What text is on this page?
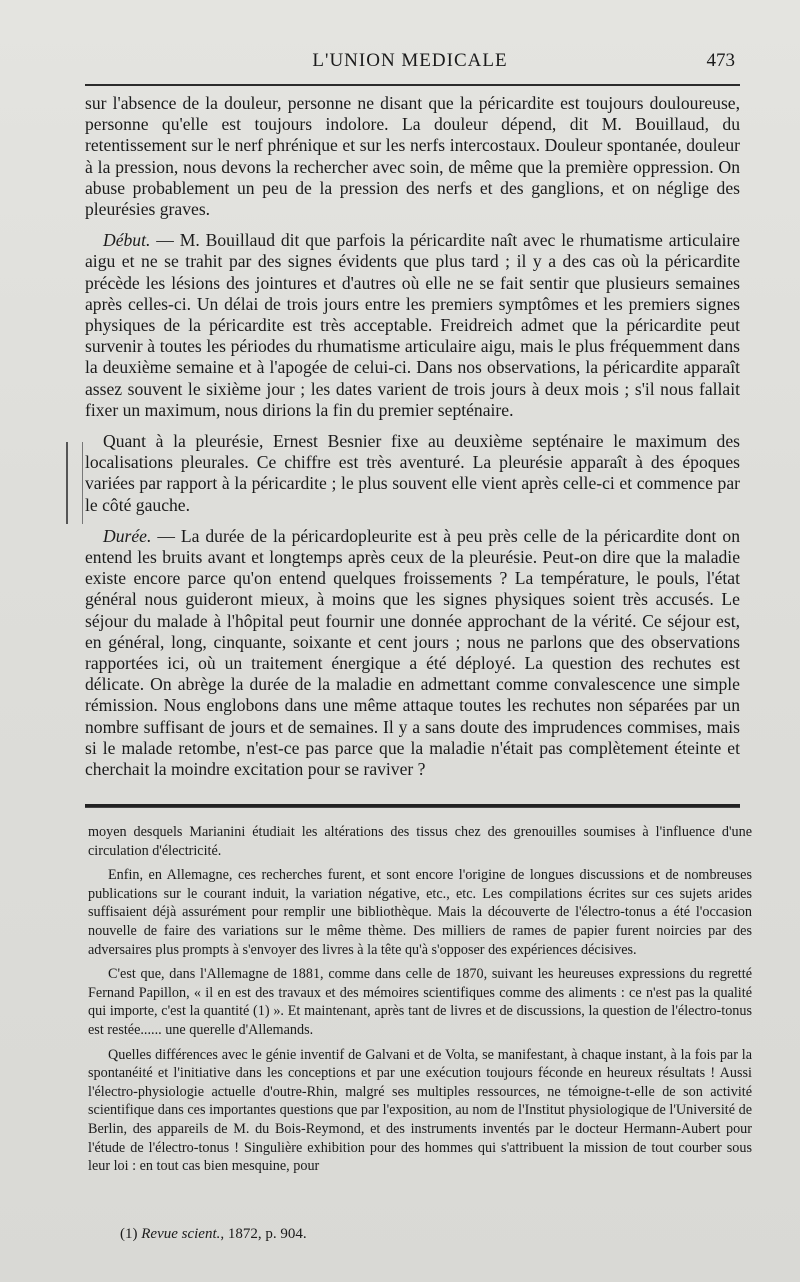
L'UNION MEDICALE	473

sur l'absence de la douleur, personne ne disant que la péricardite est toujours douloureuse, personne qu'elle est toujours indolore. La douleur dépend, dit M. Bouillaud, du retentissement sur le nerf phrénique et sur les nerfs intercostaux. Douleur spontanée, douleur à la pression, nous devons la rechercher avec soin, de même que la première oppression. On abuse probablement un peu de la pression des nerfs et des ganglions, et on néglige des pleurésies graves.

Début. — M. Bouillaud dit que parfois la péricardite naît avec le rhumatisme articulaire aigu et ne se trahit par des signes évidents que plus tard ; il y a des cas où la péricardite précède les lésions des jointures et d'autres où elle ne se fait sentir que plusieurs semaines après celles-ci. Un délai de trois jours entre les premiers symptômes et les premiers signes physiques de la péricardite est très acceptable. Freidreich admet que la péricardite peut survenir à toutes les périodes du rhumatisme articulaire aigu, mais le plus fréquemment dans la deuxième semaine et à l'apogée de celui-ci. Dans nos observations, la péricardite apparaît assez souvent le sixième jour ; les dates varient de trois jours à deux mois ; s'il nous fallait fixer un maximum, nous dirions la fin du premier septénaire.

Quant à la pleurésie, Ernest Besnier fixe au deuxième septénaire le maximum des localisations pleurales. Ce chiffre est très aventuré. La pleurésie apparaît à des époques variées par rapport à la péricardite ; le plus souvent elle vient après celle-ci et commence par le côté gauche.

Durée. — La durée de la péricardopleurite est à peu près celle de la péricardite dont on entend les bruits avant et longtemps après ceux de la pleurésie. Peut-on dire que la maladie existe encore parce qu'on entend quelques froissements ? La température, le pouls, l'état général nous guideront mieux, à moins que les signes physiques soient très accusés. Le séjour du malade à l'hôpital peut fournir une donnée approchant de la vérité. Ce séjour est, en général, long, cinquante, soixante et cent jours ; nous ne parlons que des observations rapportées ici, où un traitement énergique a été déployé. La question des rechutes est délicate. On abrège la durée de la maladie en admettant comme convalescence une simple rémission. Nous englobons dans une même attaque toutes les rechutes non séparées par un nombre suffisant de jours et de semaines. Il y a sans doute des imprudences commises, mais si le malade retombe, n'est-ce pas parce que la maladie n'était pas complètement éteinte et cherchait la moindre excitation pour se raviver ?

moyen desquels Marianini étudiait les altérations des tissus chez des grenouilles soumises à l'influence d'une circulation d'électricité.

Enfin, en Allemagne, ces recherches furent, et sont encore l'origine de longues discussions et de nombreuses publications sur le courant induit, la variation négative, etc., etc. Les compilations écrites sur ces sujets arides suffisaient déjà assurément pour remplir une bibliothèque. Mais la découverte de l'électro-tonus a été l'occasion nouvelle de faire des variations sur le même thème. Des milliers de rames de papier furent noircies par des adversaires plus prompts à s'envoyer des livres à la tête qu'à s'opposer des expériences décisives.

C'est que, dans l'Allemagne de 1881, comme dans celle de 1870, suivant les heureuses expressions du regretté Fernand Papillon, « il en est des travaux et des mémoires scientifiques comme des aliments : ce n'est pas la qualité qui importe, c'est la quantité (1) ». Et maintenant, après tant de livres et de discussions, la question de l'électro-tonus est restée...... une querelle d'Allemands.

Quelles différences avec le génie inventif de Galvani et de Volta, se manifestant, à chaque instant, à la fois par la spontanéité et l'initiative dans les conceptions et par une exécution toujours féconde en heureux résultats ! Aussi l'électro-physiologie actuelle d'outre-Rhin, malgré ses multiples ressources, ne témoigne-t-elle de son activité scientifique dans ces importantes questions que par l'exposition, au nom de l'Institut physiologique de l'Université de Berlin, des appareils de M. du Bois-Reymond, et des instruments inventés par le docteur Hermann-Aubert pour l'étude de l'électro-tonus ! Singulière exhibition pour des hommes qui s'attribuent la mission de tout courber sous leur loi : en tout cas bien mesquine, pour

(1) Revue scient., 1872, p. 904.
